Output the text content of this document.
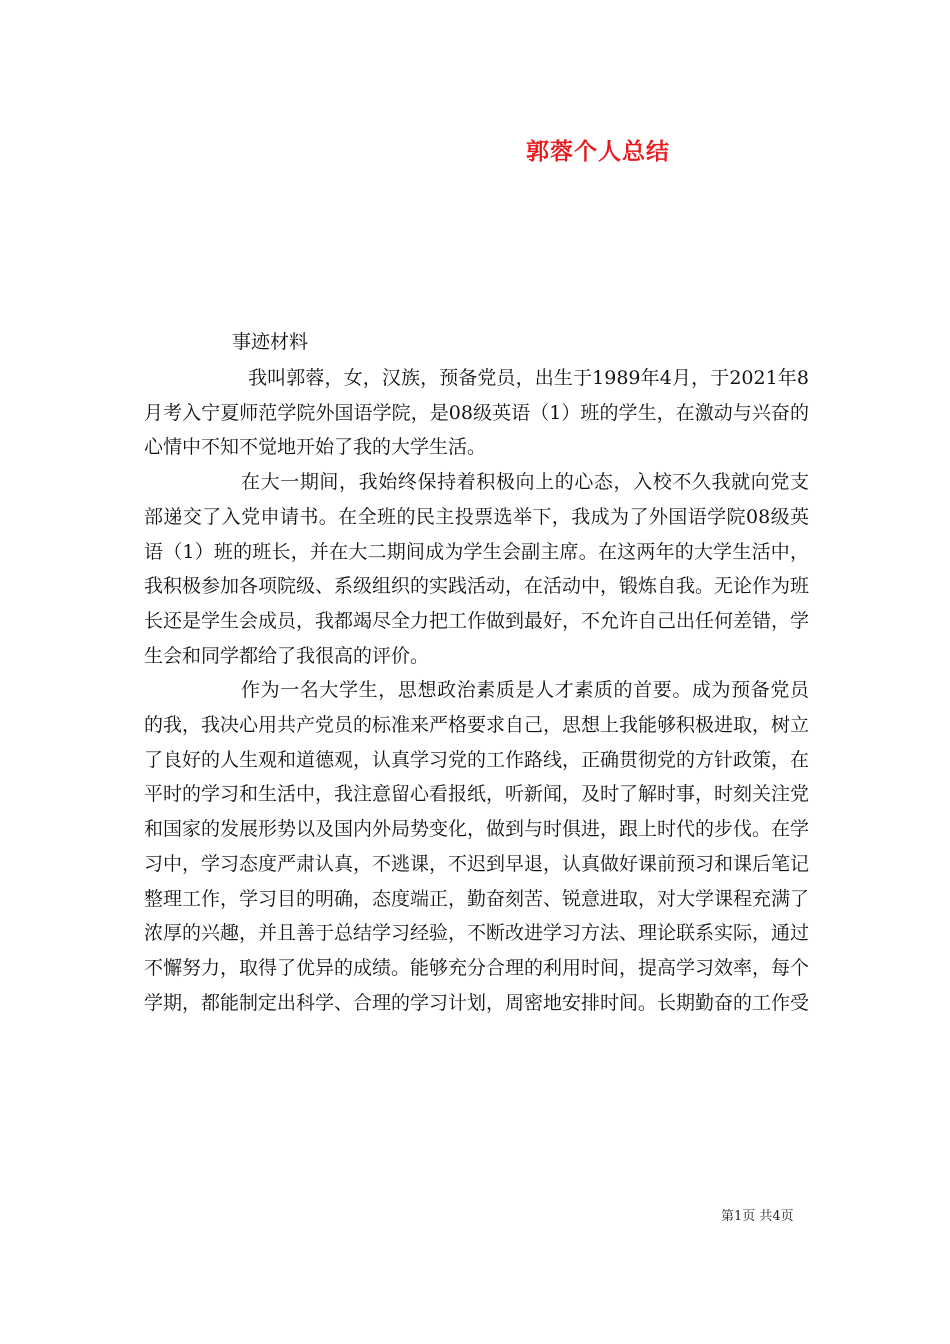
郭蓉个人总结
事迹材料

我叫郭蓉，女，汉族，预备党员，出生于1989年4月，于2021年8月考入宁夏师范学院外国语学院，是08级英语（1）班的学生，在激动与兴奋的心情中不知不觉地开始了我的大学生活。

在大一期间，我始终保持着积极向上的心态，入校不久我就向党支部递交了入党申请书。在全班的民主投票选举下，我成为了外国语学院08级英语（1）班的班长，并在大二期间成为学生会副主席。在这两年的大学生活中，我积极参加各项院级、系级组织的实践活动，在活动中，锻炼自我。无论作为班长还是学生会成员，我都竭尽全力把工作做到最好，不允许自己出任何差错，学生会和同学都给了我很高的评价。

作为一名大学生，思想政治素质是人才素质的首要。成为预备党员的我，我决心用共产党员的标准来严格要求自己，思想上我能够积极进取，树立了良好的人生观和道德观，认真学习党的工作路线，正确贯彻党的方针政策，在平时的学习和生活中，我注意留心看报纸，听新闻，及时了解时事，时刻关注党和国家的发展形势以及国内外局势变化，做到与时俱进，跟上时代的步伐。在学习中，学习态度严肃认真，不逃课，不迟到早退，认真做好课前预习和课后笔记整理工作，学习目的明确，态度端正，勤奋刻苦、锐意进取，对大学课程充满了浓厚的兴趣，并且善于总结学习经验，不断改进学习方法、理论联系实际，通过不懈努力，取得了优异的成绩。能够充分合理的利用时间，提高学习效率，每个学期，都能制定出科学、合理的学习计划，周密地安排时间。长期勤奋的工作受

第1页 共4页
